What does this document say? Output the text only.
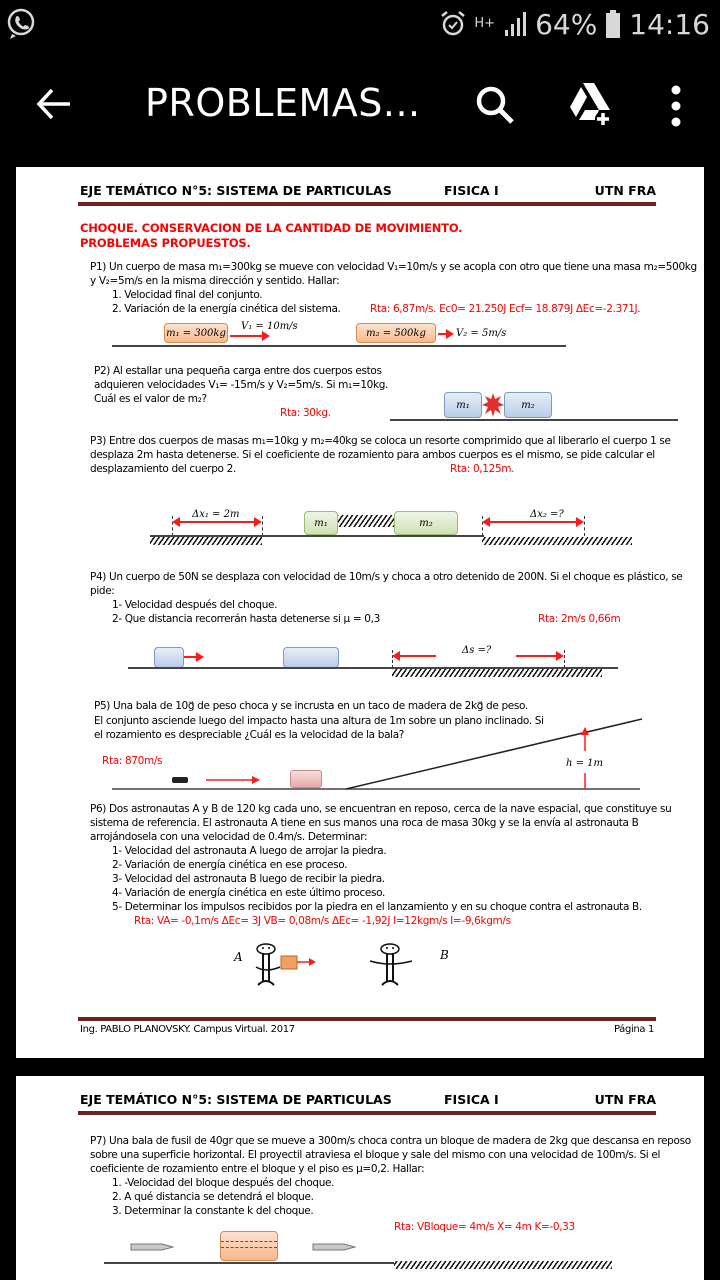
H+ 64% 14:16
PROBLEMAS...
EJE TEMÁTICO N°5: SISTEMA DE PARTICULAS	FISICA I	UTN FRA
CHOQUE. CONSERVACION DE LA CANTIDAD DE MOVIMIENTO.
PROBLEMAS PROPUESTOS.
P1) Un cuerpo de masa m₁=300kg se mueve con velocidad V₁=10m/s y se acopla con otro que tiene una masa m₂=500kg
y V₂=5m/s en la misma dirección y sentido. Hallar:
1. Velocidad final del conjunto.
2. Variación de la energía cinética del sistema.	Rta: 6,87m/s. Ec0= 21.250J Ecf= 18.879J ΔEc=-2.371J.
m₁ = 300kg
V₁ = 10m/s
m₂ = 500kg	V₂ = 5m/s
P2) Al estallar una pequeña carga entre dos cuerpos estos
adquieren velocidades V₁= -15m/s y V₂=5m/s. Si m₁=10kg.
Cuál es el valor de m₂?
Rta: 30kg.
m₁	m₂
P3) Entre dos cuerpos de masas m₁=10kg y m₂=40kg se coloca un resorte comprimido que al liberarlo el cuerpo 1 se
desplaza 2m hasta detenerse. Si el coeficiente de rozamiento para ambos cuerpos es el mismo, se pide calcular el
desplazamiento del cuerpo 2.	Rta: 0,125m.
Δx₁ = 2m
m₁	m₂
Δx₂ =?
P4) Un cuerpo de 50N se desplaza con velocidad de 10m/s y choca a otro detenido de 200N. Si el choque es plástico, se
pide:
1- Velocidad después del choque.
2- Que distancia recorrerán hasta detenerse si μ = 0,3	Rta: 2m/s 0,66m
Δs =?
P5) Una bala de 10g⃗ de peso choca y se incrusta en un taco de madera de 2kg⃗ de peso.
El conjunto asciende luego del impacto hasta una altura de 1m sobre un plano inclinado. Si
el rozamiento es despreciable ¿Cuál es la velocidad de la bala?
Rta: 870m/s	h = 1m
P6) Dos astronautas A y B de 120 kg cada uno, se encuentran en reposo, cerca de la nave espacial, que constituye su
sistema de referencia. El astronauta A tiene en sus manos una roca de masa 30kg y se la envía al astronauta B
arrojándosela con una velocidad de 0.4m/s. Determinar:
1- Velocidad del astronauta A luego de arrojar la piedra.
2- Variación de energía cinética en ese proceso.
3- Velocidad del astronauta B luego de recibir la piedra.
4- Variación de energía cinética en este último proceso.
5- Determinar los impulsos recibidos por la piedra en el lanzamiento y en su choque contra el astronauta B.
Rta: VA= -0,1m/s ΔEc= 3J VB= 0,08m/s ΔEc= -1,92J I=12kgm/s I=-9,6kgm/s
A	B
Ing. PABLO PLANOVSKY. Campus Virtual. 2017	Página 1
EJE TEMÁTICO N°5: SISTEMA DE PARTICULAS	FISICA I	UTN FRA
P7) Una bala de fusil de 40gr que se mueve a 300m/s choca contra un bloque de madera de 2kg que descansa en reposo
sobre una superficie horizontal. El proyectil atraviesa el bloque y sale del mismo con una velocidad de 100m/s. Si el
coeficiente de rozamiento entre el bloque y el piso es μ=0,2. Hallar:
1. -Velocidad del bloque después del choque.
2. A qué distancia se detendrá el bloque.
3. Determinar la constante k del choque.
Rta: VBloque= 4m/s X= 4m K=-0,33
